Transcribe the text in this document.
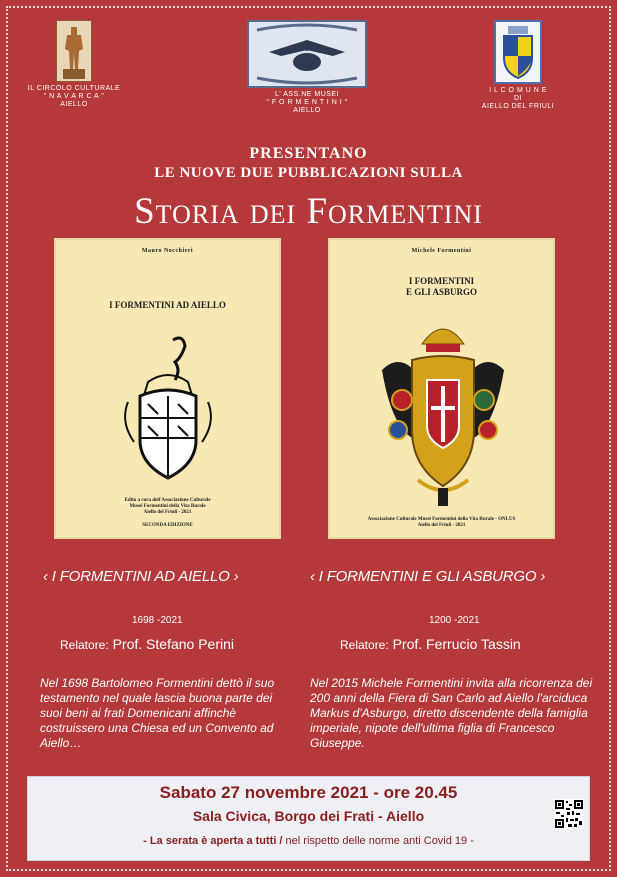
IL CIRCOLO CULTURALE
" N A V A R C A "
AIELLO
L' ASS.NE MUSEI
" F O R M E N T I N I "
AIELLO
I L C O M U N E
DI
AIELLO DEL FRIULI
PRESENTANO
LE NUOVE DUE PUBBLICAZIONI SULLA
Storia dei Formentini
Mauro Nocchieri
I FORMENTINI AD AIELLO
Edito a cura dell'Associazione Culturale
Musei Formentini della Vita Rurale
Aiello del Friuli - 2021
SECONDA EDIZIONE
Michele Formentini
I FORMENTINI
E GLI ASBURGO
Associazione Culturale Musei Formentini della Vita Rurale - ONLUS
Aiello del Friuli - 2021
‹ I FORMENTINI AD AIELLO ›
1698 -2021
Relatore: Prof. Stefano Perini
Nel 1698 Bartolomeo Formentini dettò il suo testamento nel quale lascia buona parte dei suoi beni ai frati Domenicani affinchè costruissero una Chiesa ed un Convento ad Aiello…
‹ I FORMENTINI E GLI ASBURGO ›
1200 -2021
Relatore: Prof. Ferrucio Tassin
Nel 2015 Michele Formentini invita alla ricorrenza dei 200 anni della Fiera di San Carlo ad Aiello l'arciduca Markus d'Asburgo, diretto discendente della famiglia imperiale, nipote dell'ultima figlia di Francesco Giuseppe.
Sabato 27 novembre 2021 - ore 20.45
Sala Civica, Borgo dei Frati - Aiello
- La serata è aperta a tutti / nel rispetto delle norme anti Covid 19 -
